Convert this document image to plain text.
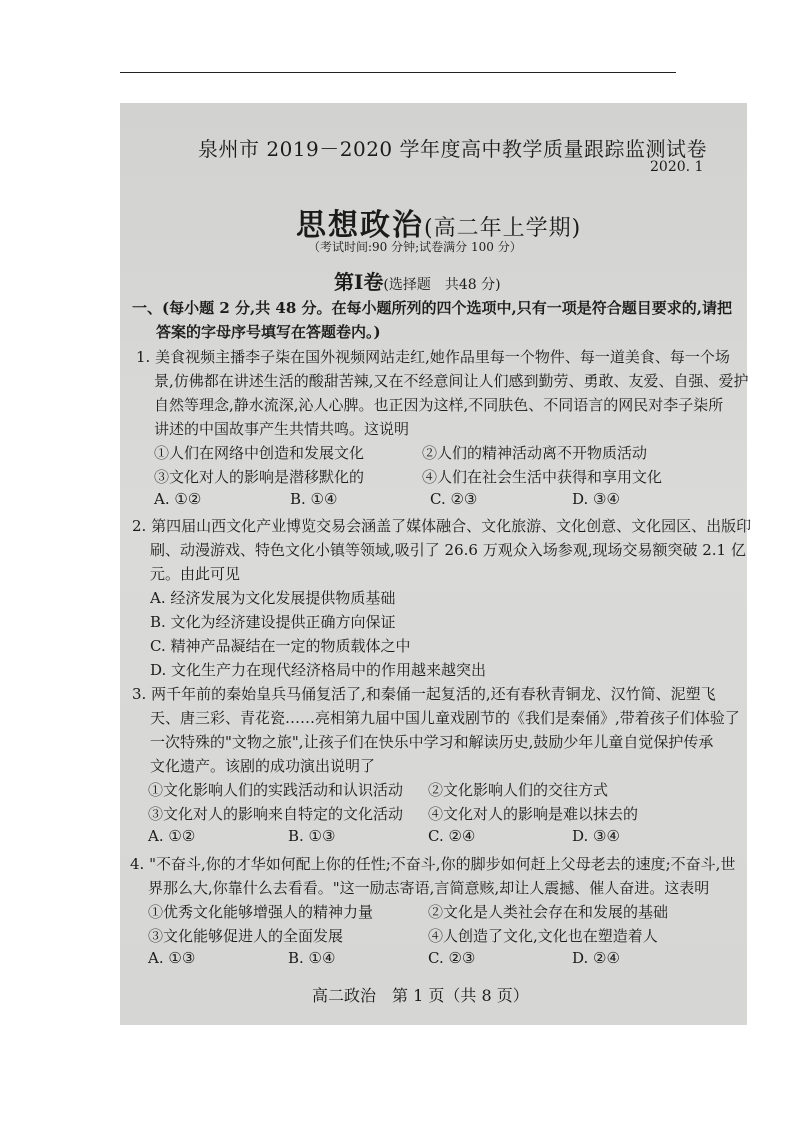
泉州市 2019－2020 学年度高中教学质量跟踪监测试卷
2020. 1
思想政治(高二年上学期)
（考试时间:90 分钟;试卷满分 100 分）
第Ⅰ卷(选择题　共48 分)
一、(每小题 2 分,共 48 分。在每小题所列的四个选项中,只有一项是符合题目要求的,请把
答案的字母序号填写在答题卷内。)
1. 美食视频主播李子柒在国外视频网站走红,她作品里每一个物件、每一道美食、每一个场
景,仿佛都在讲述生活的酸甜苦辣,又在不经意间让人们感到勤劳、勇敢、友爱、自强、爱护
自然等理念,静水流深,沁人心脾。也正因为这样,不同肤色、不同语言的网民对李子柒所
讲述的中国故事产生共情共鸣。这说明
①人们在网络中创造和发展文化	②人们的精神活动离不开物质活动
③文化对人的影响是潜移默化的	④人们在社会生活中获得和享用文化
A. ①②	B. ①④	C. ②③	D. ③④
2. 第四届山西文化产业博览交易会涵盖了媒体融合、文化旅游、文化创意、文化园区、出版印
刷、动漫游戏、特色文化小镇等领域,吸引了 26.6 万观众入场参观,现场交易额突破 2.1 亿
元。由此可见
A. 经济发展为文化发展提供物质基础
B. 文化为经济建设提供正确方向保证
C. 精神产品凝结在一定的物质载体之中
D. 文化生产力在现代经济格局中的作用越来越突出
3. 两千年前的秦始皇兵马俑复活了,和秦俑一起复活的,还有春秋青铜龙、汉竹简、泥塑飞
天、唐三彩、青花瓷……亮相第九届中国儿童戏剧节的《我们是秦俑》,带着孩子们体验了
一次特殊的"文物之旅",让孩子们在快乐中学习和解读历史,鼓励少年儿童自觉保护传承
文化遗产。该剧的成功演出说明了
①文化影响人们的实践活动和认识活动 ②文化影响人们的交往方式
③文化对人的影响来自特定的文化活动 ④文化对人的影响是难以抹去的
A. ①②	B. ①③	C. ②④	D. ③④
4. "不奋斗,你的才华如何配上你的任性;不奋斗,你的脚步如何赶上父母老去的速度;不奋斗,世
界那么大,你靠什么去看看。"这一励志寄语,言简意赅,却让人震撼、催人奋进。这表明
①优秀文化能够增强人的精神力量	②文化是人类社会存在和发展的基础
③文化能够促进人的全面发展	④人创造了文化,文化也在塑造着人
A. ①③	B. ①④	C. ②③	D. ②④
高二政治　第 1 页（共 8 页）
